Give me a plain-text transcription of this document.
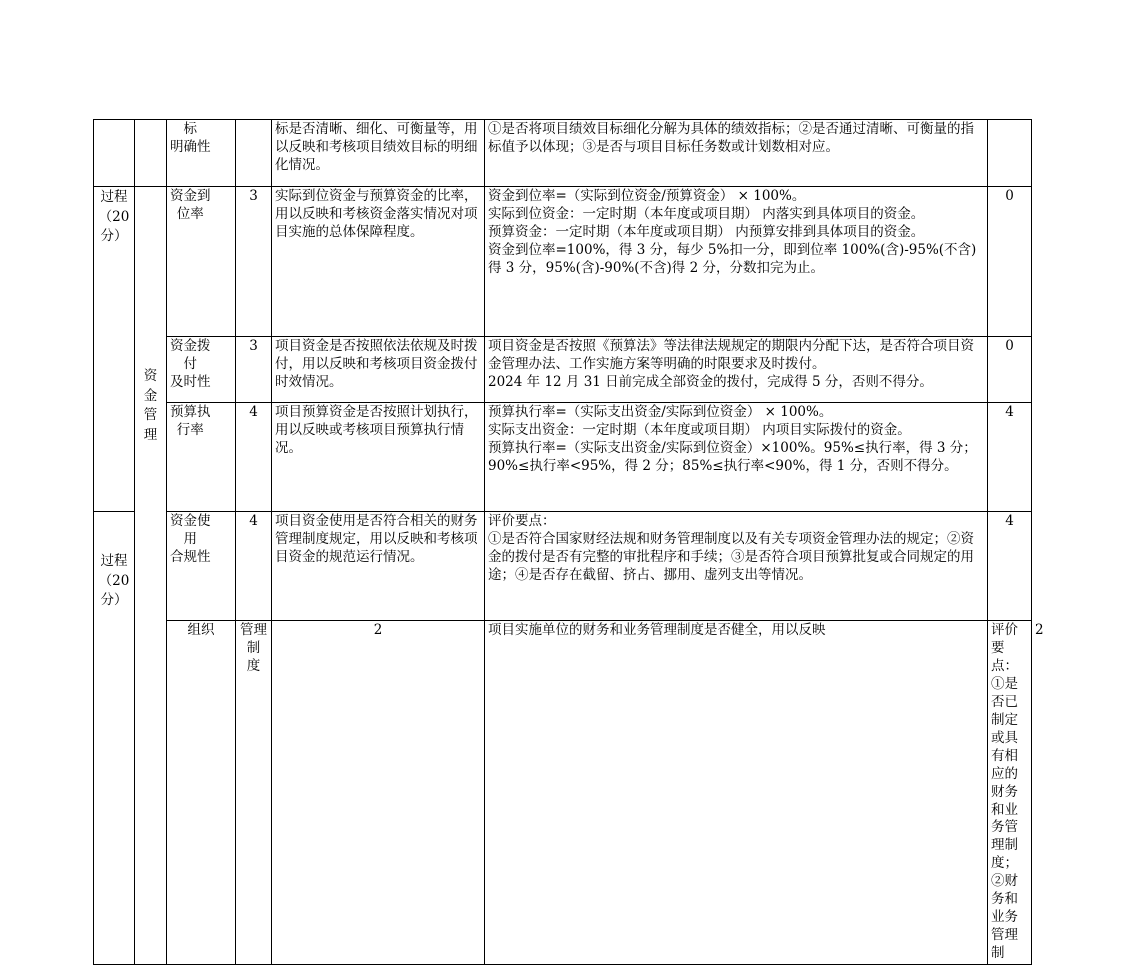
		标
明确性		标是否清晰、细化、可衡量等，用以反映和考核项目绩效目标的明细化情况。	①是否将项目绩效目标细化分解为具体的绩效指标；②是否通过清晰、可衡量的指标值予以体现；③是否与项目目标任务数或计划数相对应。		

过程
（20
分）	资
金
管
理	资金到
位率	3	实际到位资金与预算资金的比率，用以反映和考核资金落实情况对项目实施的总体保障程度。	资金到位率=（实际到位资金/预算资金） × 100%。
实际到位资金：一定时期（本年度或项目期） 内落实到具体项目的资金。
预算资金：一定时期（本年度或项目期） 内预算安排到具体项目的资金。
资金到位率=100%，得 3 分，每少 5%扣一分，即到位率 100%(含)-95%(不含)得 3 分，95%(含)-90%(不含)得 2 分，分数扣完为止。	0	

		资金拨
付
及时性	3	项目资金是否按照依法依规及时拨付，用以反映和考核项目资金拨付时效情况。	项目资金是否按照《预算法》等法律法规规定的期限内分配下达，是否符合项目资金管理办法、工作实施方案等明确的时限要求及时拨付。
2024 年 12 月 31 日前完成全部资金的拨付，完成得 5 分，否则不得分。	0	

		预算执
行率	4	项目预算资金是否按照计划执行，用以反映或考核项目预算执行情况。	预算执行率=（实际支出资金/实际到位资金） × 100%。
实际支出资金：一定时期（本年度或项目期） 内项目实际拨付的资金。
预算执行率=（实际支出资金/实际到位资金）×100%。95%≤执行率，得 3 分；90%≤执行率<95%，得 2 分；85%≤执行率<90%，得 1 分，否则不得分。	4	

过程
（20
分）		资金使
用
合规性	4	项目资金使用是否符合相关的财务管理制度规定，用以反映和考核项目资金的规范运行情况。	评价要点：
①是否符合国家财经法规和财务管理制度以及有关专项资金管理办法的规定；②资金的拨付是否有完整的审批程序和手续；③是否符合项目预算批复或合同规定的用途；④是否存在截留、挤占、挪用、虚列支出等情况。	4	
		组织	管理制
度	2	项目实施单位的财务和业务管理制度是否健全，用以反映	评价要点：
①是否已制定或具有相应的财务和业务管理制度；②财务和业务管理制	2
